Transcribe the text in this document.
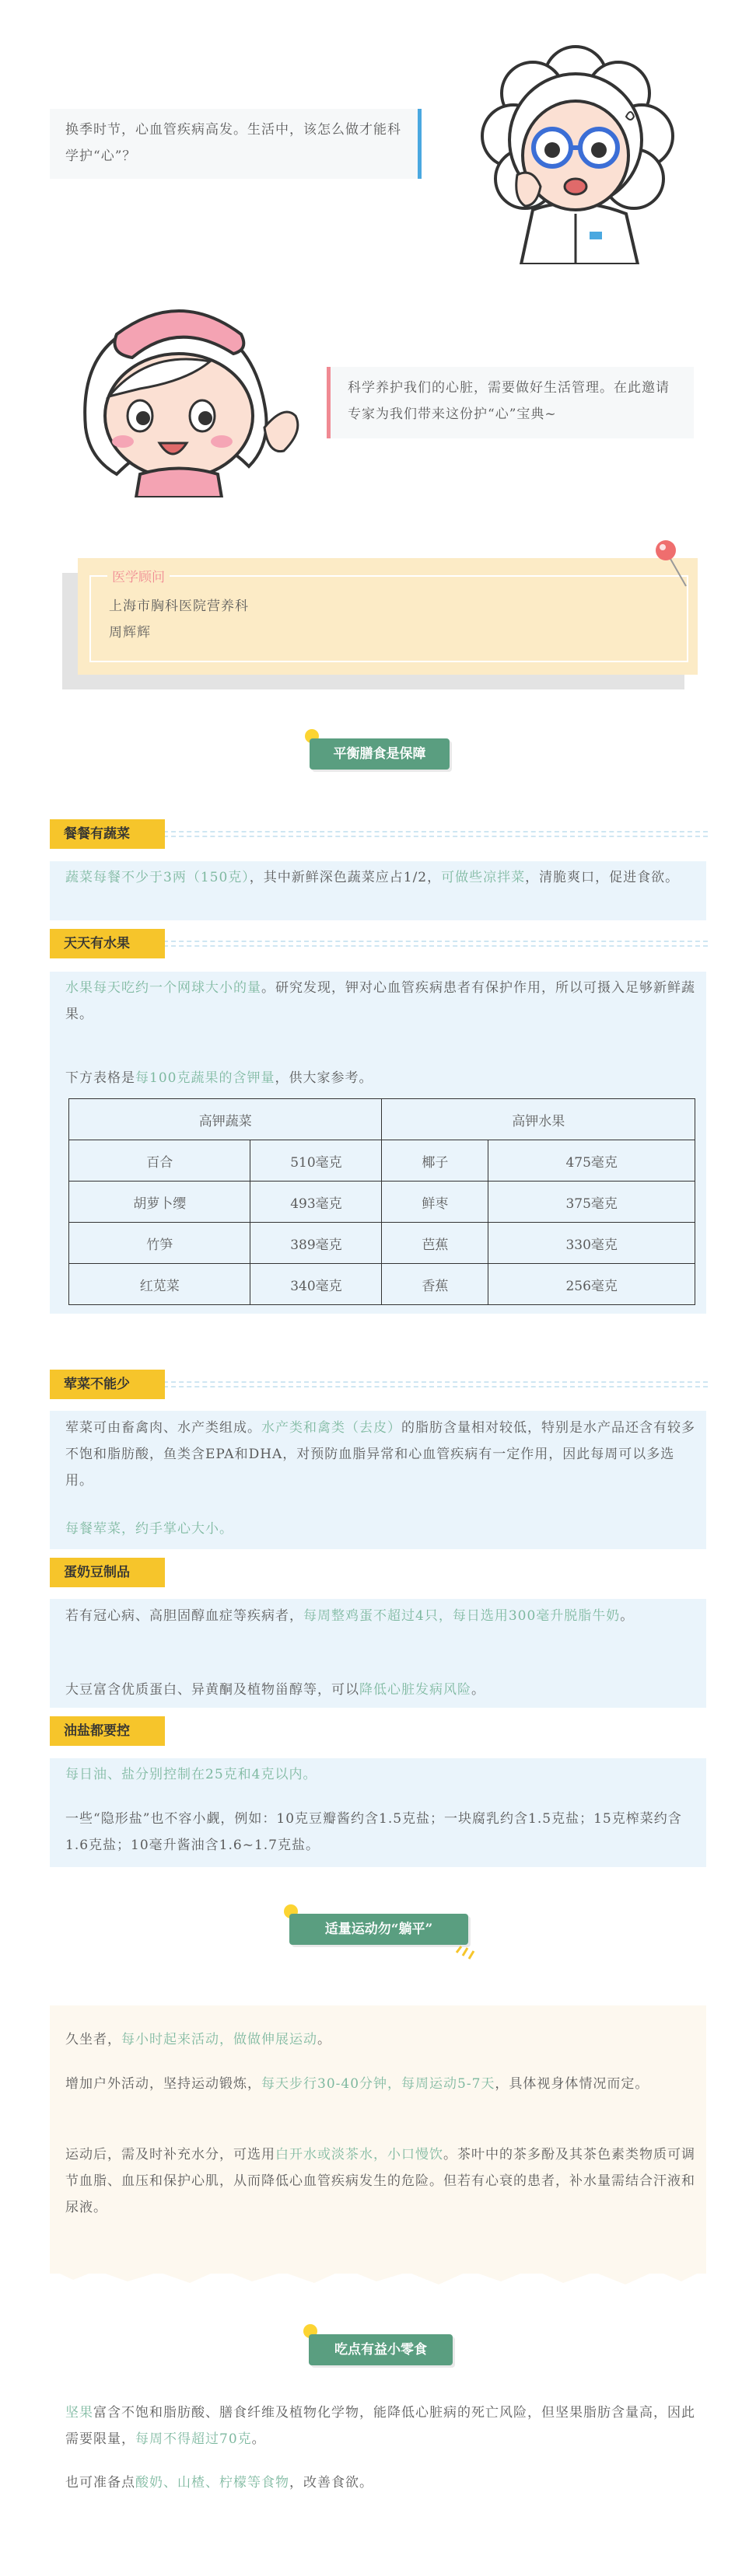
换季时节，心血管疾病高发。生活中，该怎么做才能科学护“心”？

科学养护我们的心脏，需要做好生活管理。在此邀请专家为我们带来这份护“心”宝典~

医学顾问
上海市胸科医院营养科
周辉辉
平衡膳食是保障
餐餐有蔬菜

蔬菜每餐不少于3两（150克），其中新鲜深色蔬菜应占1/2，可做些凉拌菜，清脆爽口，促进食欲。

天天有水果

水果每天吃约一个网球大小的量。研究发现，钾对心血管疾病患者有保护作用，所以可摄入足够新鲜蔬果。

下方表格是每100克蔬果的含钾量，供大家参考。

高钾蔬菜		高钾水果	
百合	510毫克	椰子	475毫克
胡萝卜缨	493毫克	鲜枣	375毫克
竹笋	389毫克	芭蕉	330毫克
红苋菜	340毫克	香蕉	256毫克
荤菜不能少

荤菜可由畜禽肉、水产类组成。水产类和禽类（去皮）的脂肪含量相对较低，特别是水产品还含有较多不饱和脂肪酸，鱼类含EPA和DHA，对预防血脂异常和心血管疾病有一定作用，因此每周可以多选用。

每餐荤菜，约手掌心大小。

蛋奶豆制品

若有冠心病、高胆固醇血症等疾病者，每周整鸡蛋不超过4只，每日选用300毫升脱脂牛奶。

大豆富含优质蛋白、异黄酮及植物甾醇等，可以降低心脏发病风险。

油盐都要控

每日油、盐分别控制在25克和4克以内。

一些“隐形盐”也不容小觑，例如：10克豆瓣酱约含1.5克盐；一块腐乳约含1.5克盐；15克榨菜约含1.6克盐；10毫升酱油含1.6~1.7克盐。

适量运动勿“躺平”

久坐者，每小时起来活动，做做伸展运动。

增加户外活动，坚持运动锻炼，每天步行30-40分钟，每周运动5-7天，具体视身体情况而定。

运动后，需及时补充水分，可选用白开水或淡茶水，小口慢饮。茶叶中的茶多酚及其茶色素类物质可调节血脂、血压和保护心肌，从而降低心血管疾病发生的危险。但若有心衰的患者，补水量需结合汗液和尿液。

吃点有益小零食

坚果富含不饱和脂肪酸、膳食纤维及植物化学物，能降低心脏病的死亡风险，但坚果脂肪含量高，因此需要限量，每周不得超过70克。

也可准备点酸奶、山楂、柠檬等食物，改善食欲。
